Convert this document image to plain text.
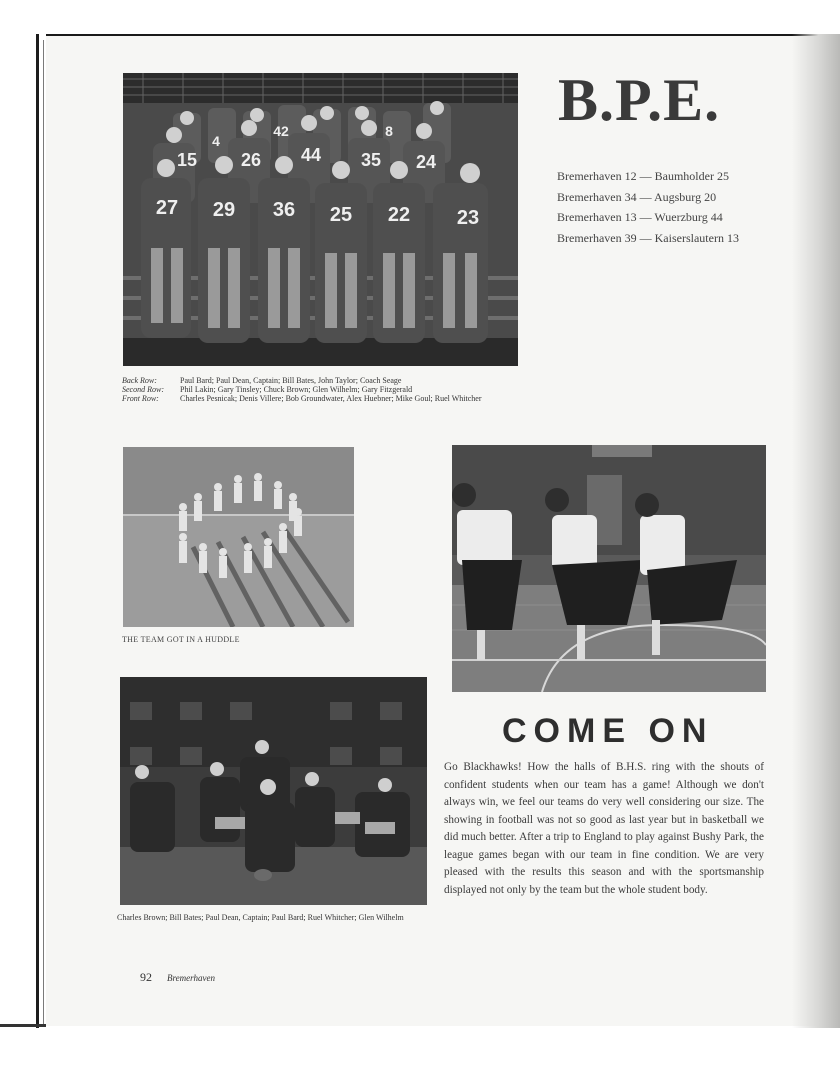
15 26 44 35 24
27 29 36 25 22 23
4
42	8	B.P.E.
Bremerhaven 12 — Baumholder 25
Bremerhaven 34 — Augsburg 20
Bremerhaven 13 — Wuerzburg 44
Bremerhaven 39 — Kaiserslautern 13
Back Row:	Paul Bard; Paul Dean, Captain; Bill Bates, John Taylor; Coach Seage
Second Row:	Phil Lakin; Gary Tinsley; Chuck Brown; Glen Wilhelm; Gary Fitzgerald
Front Row:	Charles Pesnicak; Denis Villere; Bob Groundwater, Alex Huebner; Mike Goul; Ruel Whitcher

THE TEAM GOT IN A HUDDLE

Charles Brown; Bill Bates; Paul Dean, Captain; Paul Bard; Ruel Whitcher; Glen Wilhelm

COME ON

Go Blackhawks! How the halls of B.H.S. ring with the shouts of confident students when our team has a game! Although we don't always win, we feel our teams do very well considering our size. The showing in football was not so good as last year but in basketball we did much better. After a trip to England to play against Bushy Park, the league games began with our team in fine condition. We are very pleased with the results this season and with the sportsmanship displayed not only by the team but the whole student body.

92 Bremerhaven
